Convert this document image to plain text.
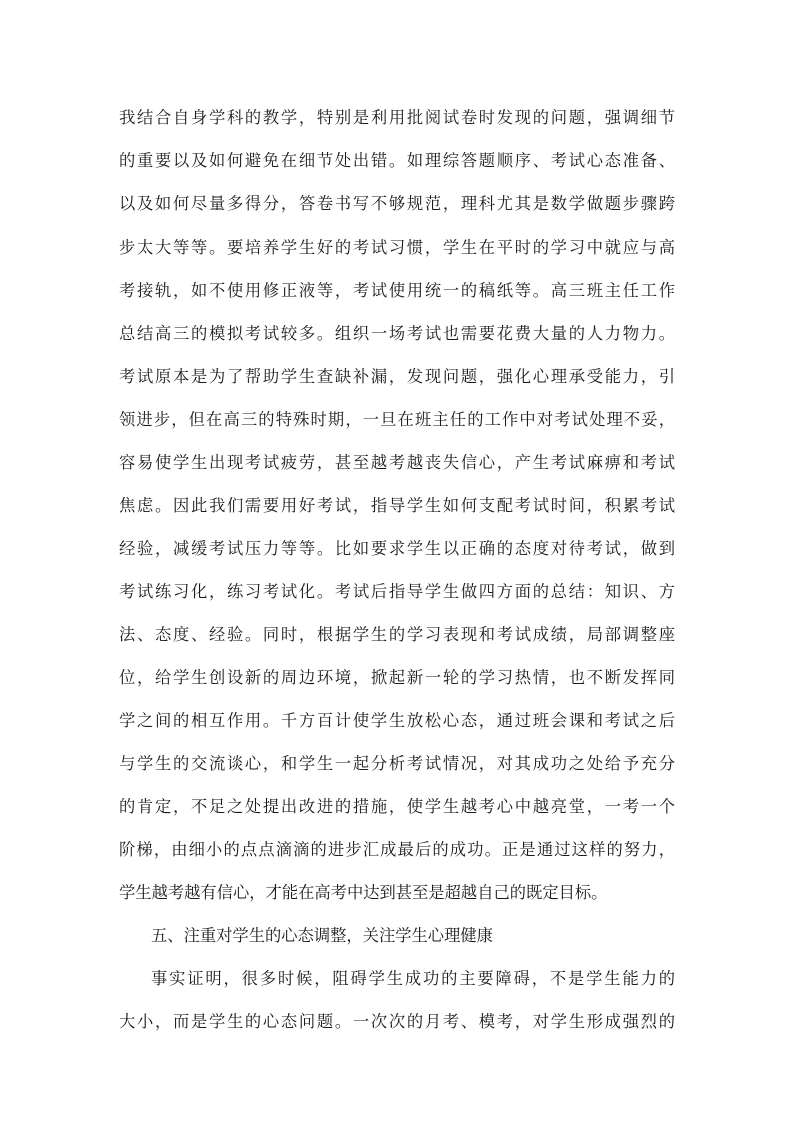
我结合自身学科的教学，特别是利用批阅试卷时发现的问题，强调细节
的重要以及如何避免在细节处出错。如理综答题顺序、考试心态准备、
以及如何尽量多得分，答卷书写不够规范，理科尤其是数学做题步骤跨
步太大等等。要培养学生好的考试习惯，学生在平时的学习中就应与高
考接轨，如不使用修正液等，考试使用统一的稿纸等。高三班主任工作
总结高三的模拟考试较多。组织一场考试也需要花费大量的人力物力。
考试原本是为了帮助学生查缺补漏，发现问题，强化心理承受能力，引
领进步，但在高三的特殊时期，一旦在班主任的工作中对考试处理不妥，
容易使学生出现考试疲劳，甚至越考越丧失信心，产生考试麻痹和考试
焦虑。因此我们需要用好考试，指导学生如何支配考试时间，积累考试
经验，减缓考试压力等等。比如要求学生以正确的态度对待考试，做到
考试练习化，练习考试化。考试后指导学生做四方面的总结：知识、方
法、态度、经验。同时，根据学生的学习表现和考试成绩，局部调整座
位，给学生创设新的周边环境，掀起新一轮的学习热情，也不断发挥同
学之间的相互作用。千方百计使学生放松心态，通过班会课和考试之后
与学生的交流谈心，和学生一起分析考试情况，对其成功之处给予充分
的肯定，不足之处提出改进的措施，使学生越考心中越亮堂，一考一个
阶梯，由细小的点点滴滴的进步汇成最后的成功。正是通过这样的努力，
学生越考越有信心，才能在高考中达到甚至是超越自己的既定目标。
五、注重对学生的心态调整，关注学生心理健康
事实证明，很多时候，阻碍学生成功的主要障碍，不是学生能力的
大小，而是学生的心态问题。一次次的月考、模考，对学生形成强烈的
